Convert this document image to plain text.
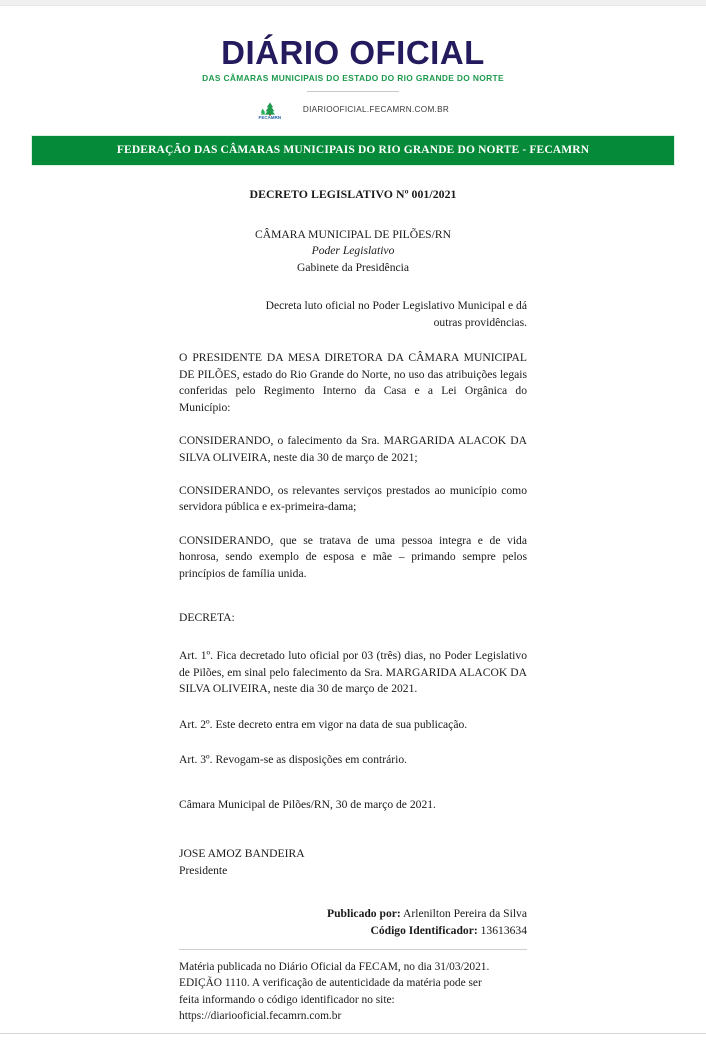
DIÁRIO OFICIAL
DAS CÂMARAS MUNICIPAIS DO ESTADO DO RIO GRANDE DO NORTE
FECAMRN
DIARIOOFICIAL.FECAMRN.COM.BR
FEDERAÇÃO DAS CÂMARAS MUNICIPAIS DO RIO GRANDE DO NORTE - FECAMRN
DECRETO LEGISLATIVO Nº 001/2021
CÂMARA MUNICIPAL DE PILÕES/RN
Poder Legislativo
Gabinete da Presidência
Decreta luto oficial no Poder Legislativo Municipal e dá outras providências.
O PRESIDENTE DA MESA DIRETORA DA CÂMARA MUNICIPAL DE PILÕES, estado do Rio Grande do Norte, no uso das atribuições legais conferidas pelo Regimento Interno da Casa e a Lei Orgânica do Município:
CONSIDERANDO, o falecimento da Sra. MARGARIDA ALACOK DA SILVA OLIVEIRA, neste dia 30 de março de 2021;
CONSIDERANDO, os relevantes serviços prestados ao município como servidora pública e ex-primeira-dama;
CONSIDERANDO, que se tratava de uma pessoa integra e de vida honrosa, sendo exemplo de esposa e mãe – primando sempre pelos princípios de família unida.
DECRETA:
Art. 1º. Fica decretado luto oficial por 03 (três) dias, no Poder Legislativo de Pilões, em sinal pelo falecimento da Sra. MARGARIDA ALACOK DA SILVA OLIVEIRA, neste dia 30 de março de 2021.
Art. 2º. Este decreto entra em vigor na data de sua publicação.
Art. 3º. Revogam-se as disposições em contrário.
Câmara Municipal de Pilões/RN, 30 de março de 2021.
JOSE AMOZ BANDEIRA
Presidente
Publicado por: Arlenilton Pereira da Silva
Código Identificador: 13613634
Matéria publicada no Diário Oficial da FECAM, no dia 31/03/2021.
EDIÇÃO 1110. A verificação de autenticidade da matéria pode ser
feita informando o código identificador no site:
https://diariooficial.fecamrn.com.br
